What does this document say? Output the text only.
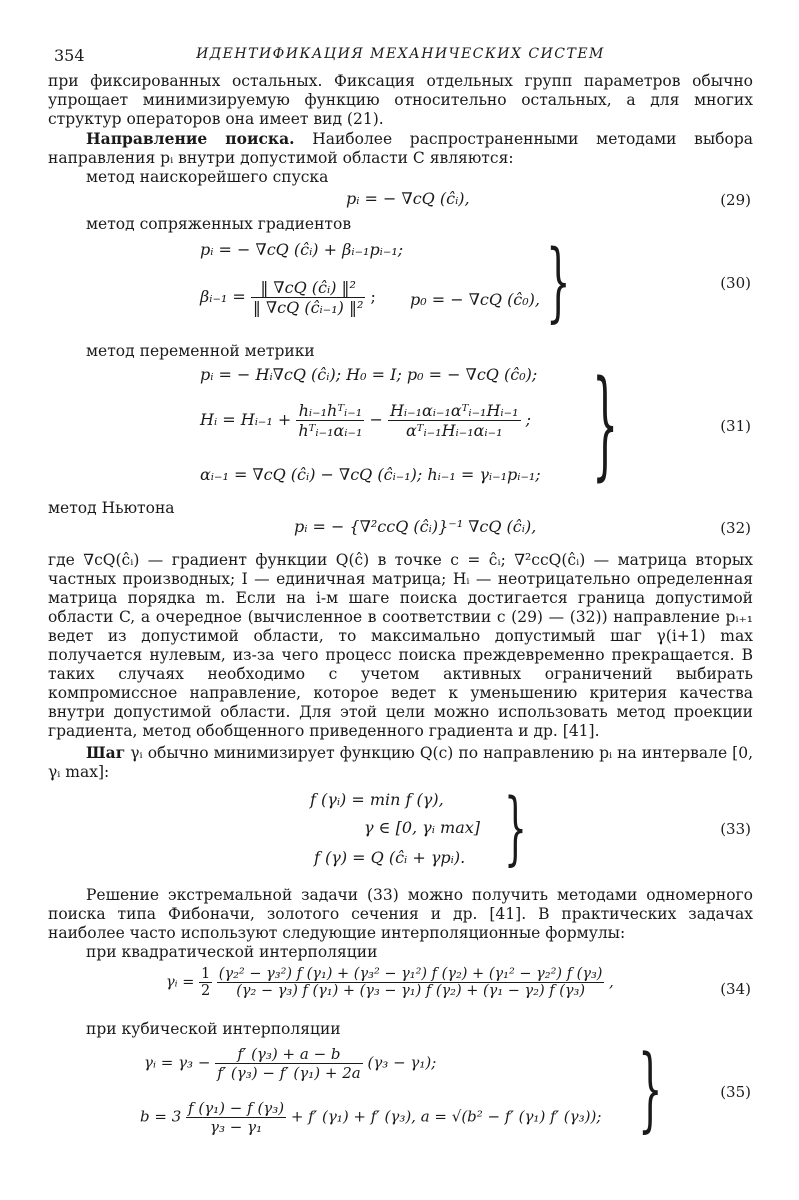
354	ИДЕНТИФИКАЦИЯ МЕХАНИЧЕСКИХ СИСТЕМ

при фиксированных остальных. Фиксация отдельных групп параметров обычно упрощает минимизируемую функцию относительно остальных, а для многих структур операторов она имеет вид (21).

Направление поиска. Наиболее распространенными методами выбора направления pᵢ внутри допустимой области C являются:

метод наискорейшего спуска

pᵢ = − ∇cQ (ĉᵢ),	(29)

метод сопряженных градиентов

pᵢ = − ∇cQ (ĉᵢ) + βᵢ₋₁pᵢ₋₁;
βᵢ₋₁ = $\frac{\text{‖ ∇cQ (ĉᵢ) ‖²}}{\text{‖ ∇cQ (ĉᵢ₋₁) ‖²}}$ ; p₀ = − ∇cQ (ĉ₀), }	(30)

метод переменной метрики

pᵢ = − Hᵢ∇cQ (ĉᵢ); H₀ = I; p₀ = − ∇cQ (ĉ₀);
Hᵢ = Hᵢ₋₁ + $\frac{\text{hᵢ₋₁hᵀᵢ₋₁}}{\text{hᵀᵢ₋₁αᵢ₋₁}} - \frac{\text{Hᵢ₋₁αᵢ₋₁αᵀᵢ₋₁Hᵢ₋₁}}{\text{αᵀᵢ₋₁Hᵢ₋₁αᵢ₋₁}}$ ;
αᵢ₋₁ = ∇cQ (ĉᵢ) − ∇cQ (ĉᵢ₋₁); hᵢ₋₁ = γᵢ₋₁pᵢ₋₁; }	(31)
метод Ньютона
pᵢ = − {∇²ccQ (ĉᵢ)}⁻¹ ∇cQ (ĉᵢ),	(32)

где ∇cQ(ĉᵢ) — градиент функции Q(ĉ) в точке c = ĉᵢ; ∇²ccQ(ĉᵢ) — матрица вторых частных производных; I — единичная матрица; Hᵢ — неотрицательно определенная матрица порядка m. Если на i-м шаге поиска достигается граница допустимой области C, а очередное (вычисленное в соответствии с (29) — (32)) направление pᵢ₊₁ ведет из допустимой области, то максимально допустимый шаг γ(i+1) max получается нулевым, из-за чего процесс поиска преждевременно прекращается. В таких случаях необходимо с учетом активных ограничений выбирать компромиссное направление, которое ведет к уменьшению критерия качества внутри допустимой области. Для этой цели можно использовать метод проекции градиента, метод обобщенного приведенного градиента и др. [41].

Шаг γᵢ обычно минимизирует функцию Q(c) по направлению pᵢ на интервале [0, γᵢ max]:

f (γᵢ) = min f (γ),
γ ∈ [0, γᵢ max]
f (γ) = Q (ĉᵢ + γpᵢ). }	(33)

Решение экстремальной задачи (33) можно получить методами одномерного поиска типа Фибоначи, золотого сечения и др. [41]. В практических задачах наиболее часто используют следующие интерполяционные формулы:

при квадратической интерполяции

γᵢ = $\frac{1}{2}$
$\frac{\text{(γ₂² − γ₃²) f (γ₁) + (γ₃² − γ₁²) f (γ₂) + (γ₁² − γ₂²) f (γ₃)}}{\text{(γ₂ − γ₃) f (γ₁) + (γ₃ − γ₁) f (γ₂) + (γ₁ − γ₂) f (γ₃)}}$ ,	(34)

при кубической интерполяции

γᵢ = $\gamma_3 - \frac{\text{f′ (γ₃) + a − b}}{\text{f′ (γ₃) − f′ (γ₁) + 2a}} (\gamma_3 - \gamma_1)$;
$b = 3 \frac{\text{f (γ₁) − f (γ₃)}}{\text{γ₃ − γ₁}} + f'$ (γ₁) + f′ (γ₃), a = √(b² − f′ (γ₁) f′ (γ₃)); }	(35)
